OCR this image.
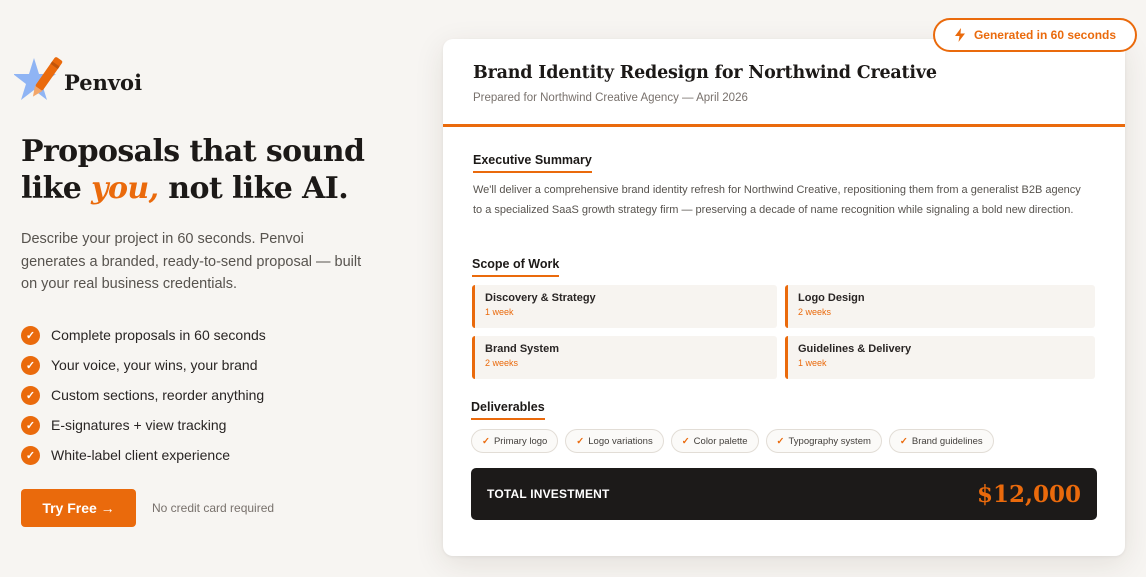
Penvoi
Proposals that sound like you, not like AI.

Describe your project in 60 seconds. Penvoi generates a branded, ready-to-send proposal — built on your real business credentials.

✓	Complete proposals in 60 seconds
✓	Your voice, your wins, your brand
✓	Custom sections, reorder anything
✓	E-signatures + view tracking
✓	White-label client experience
Try Free →	No credit card required
Brand Identity Redesign for Northwind Creative
Prepared for Northwind Creative Agency — April 2026
Executive Summary

We'll deliver a comprehensive brand identity refresh for Northwind Creative, repositioning them from a generalist B2B agency to a specialized SaaS growth strategy firm — preserving a decade of name recognition while signaling a bold new direction.

Scope of Work
Discovery & Strategy
1 week
Logo Design
2 weeks
Brand System
2 weeks
Guidelines & Delivery
1 week
Deliverables
✓ Primary logo	✓ Logo variations	✓ Color palette	✓ Typography system	✓ Brand guidelines
TOTAL INVESTMENT	$12,000
Generated in 60 seconds
